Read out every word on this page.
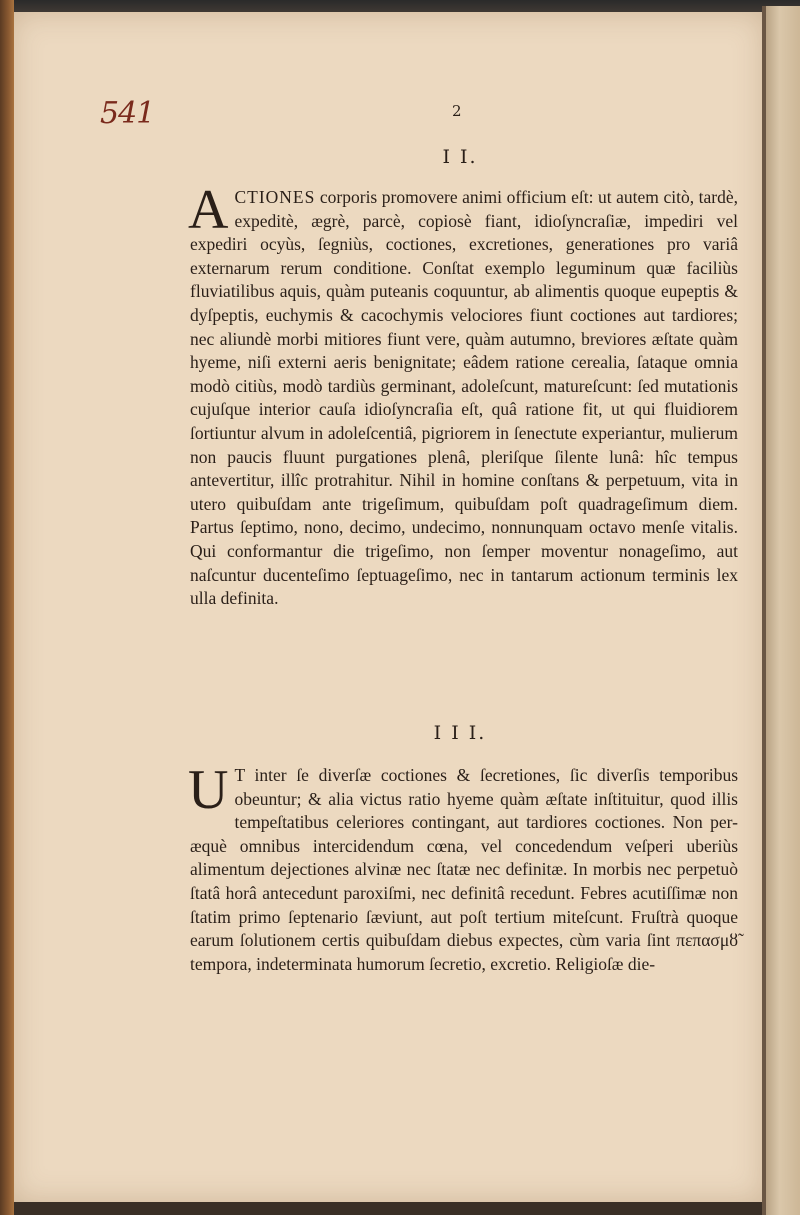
541	2
I I.

ACTIONES corporis promovere animi officium eſt: ut autem citò, tardè, expeditè, ægrè, parcè, copiosè fiant, idioſyncraſiæ, impediri vel expediri ocyùs, ſegniùs, coctiones, excretiones, generationes pro variâ externarum rerum conditione. Conſtat exemplo leguminum quæ faciliùs fluviatilibus aquis, quàm puteanis coquuntur, ab alimentis quoque eupeptis & dyſpeptis, euchymis & cacochymis velociores fiunt coctiones aut tardiores; nec aliundè morbi mitiores fiunt vere, quàm autumno, breviores æſtate quàm hyeme, niſi externi aeris benignitate; eâdem ratione cerealia, ſataque omnia modò citiùs, modò tardiùs germinant, adoleſcunt, matureſcunt: ſed mutationis cujuſque interior cauſa idioſyncraſia eſt, quâ ratione fit, ut qui fluidiorem ſortiuntur alvum in adoleſcentiâ, pigriorem in ſenectute experiantur, mulierum non paucis fluunt purgationes plenâ, pleriſque ſilente lunâ: hîc tempus antevertitur, illîc protrahitur. Nihil in homine conſtans & perpetuum, vita in utero quibuſdam ante trigeſimum, quibuſdam poſt quadrageſimum diem. Partus ſeptimo, nono, decimo, undecimo, nonnunquam octavo menſe vitalis. Qui conformantur die trigeſimo, non ſemper moventur nonageſimo, aut naſcuntur ducenteſimo ſeptuageſimo, nec in tantarum actionum terminis lex ulla definita.

I I I.

U T inter ſe diverſæ coctiones & ſecretiones, ſic diverſis temporibus obeuntur; & alia victus ratio hyeme quàm æſtate inſtituitur, quod illis tempeſtatibus celeriores contingant, aut tardiores coctiones. Non per-æquè omnibus intercidendum cœna, vel concedendum veſperi uberiùs alimentum dejectiones alvinæ nec ſtatæ nec definitæ. In morbis nec perpetuò ſtatâ horâ antecedunt paroxiſmi, nec definitâ recedunt. Febres acutiſſimæ non ſtatim primo ſeptenario ſæviunt, aut poſt tertium miteſcunt. Fruſtrà quoque earum ſolutionem certis quibuſdam diebus expectes, cùm varia ſint πεπασμȣ̃ tempora, indeterminata humorum ſecretio, excretio. Religioſæ die-
